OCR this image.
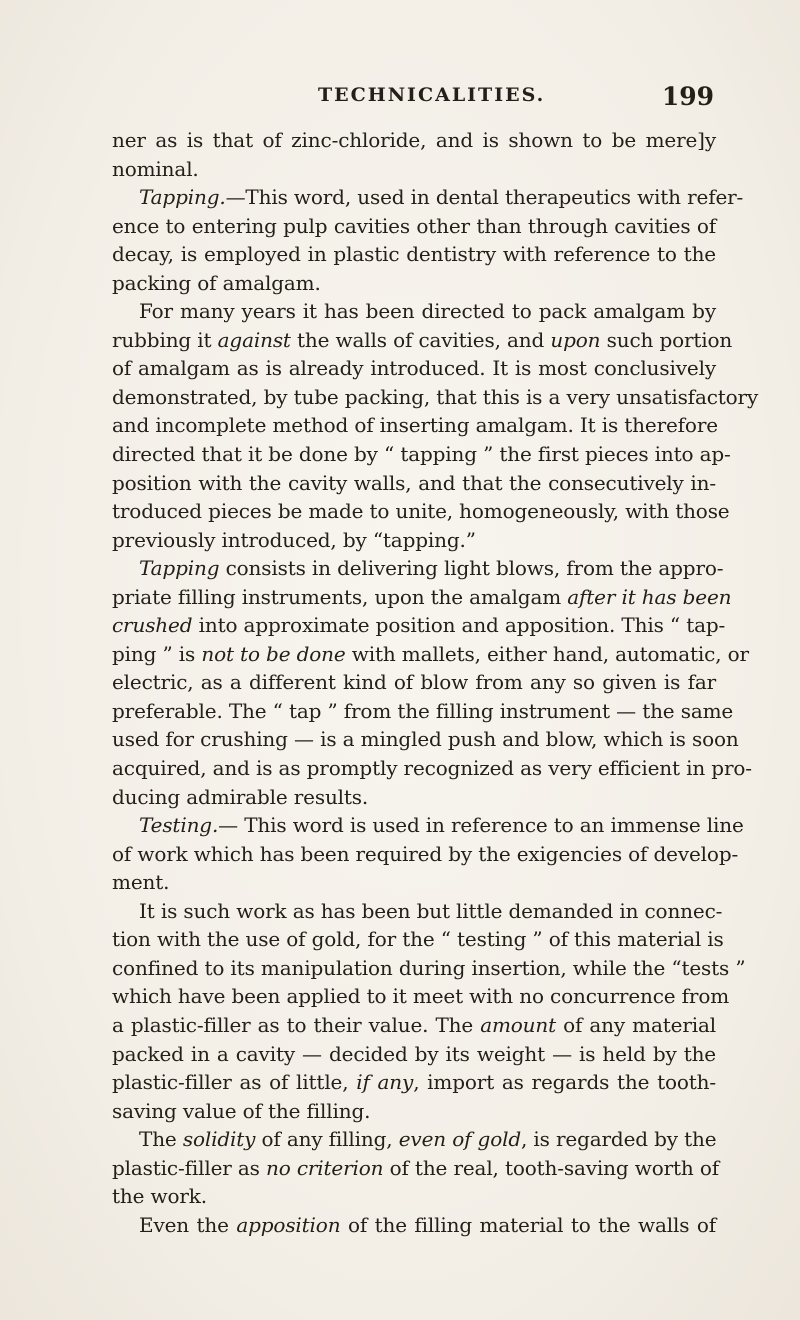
TECHNICALITIES.	199
ner as is that of zinc-chloride, and is shown to be mere]y
nominal.
Tapping.—This word, used in dental therapeutics with refer-
ence to entering pulp cavities other than through cavities of
decay, is employed in plastic dentistry with reference to the
packing of amalgam.
For many years it has been directed to pack amalgam by
rubbing it against the walls of cavities, and upon such portion
of amalgam as is already introduced. It is most conclusively
demonstrated, by tube packing, that this is a very unsatisfactory
and incomplete method of inserting amalgam. It is therefore
directed that it be done by “ tapping ” the first pieces into ap-
position with the cavity walls, and that the consecutively in-
troduced pieces be made to unite, homogeneously, with those
previously introduced, by “tapping.”
Tapping consists in delivering light blows, from the appro-
priate filling instruments, upon the amalgam after it has been
crushed into approximate position and apposition. This “ tap-
ping ” is not to be done with mallets, either hand, automatic, or
electric, as a different kind of blow from any so given is far
preferable. The “ tap ” from the filling instrument — the same
used for crushing — is a mingled push and blow, which is soon
acquired, and is as promptly recognized as very efficient in pro-
ducing admirable results.
Testing.— This word is used in reference to an immense line
of work which has been required by the exigencies of develop-
ment.
It is such work as has been but little demanded in connec-
tion with the use of gold, for the “ testing ” of this material is
confined to its manipulation during insertion, while the “tests ”
which have been applied to it meet with no concurrence from
a plastic-filler as to their value. The amount of any material
packed in a cavity — decided by its weight — is held by the
plastic-filler as of little, if any, import as regards the tooth-
saving value of the filling.
The solidity of any filling, even of gold, is regarded by the
plastic-filler as no criterion of the real, tooth-saving worth of
the work.
Even the apposition of the filling material to the walls of
